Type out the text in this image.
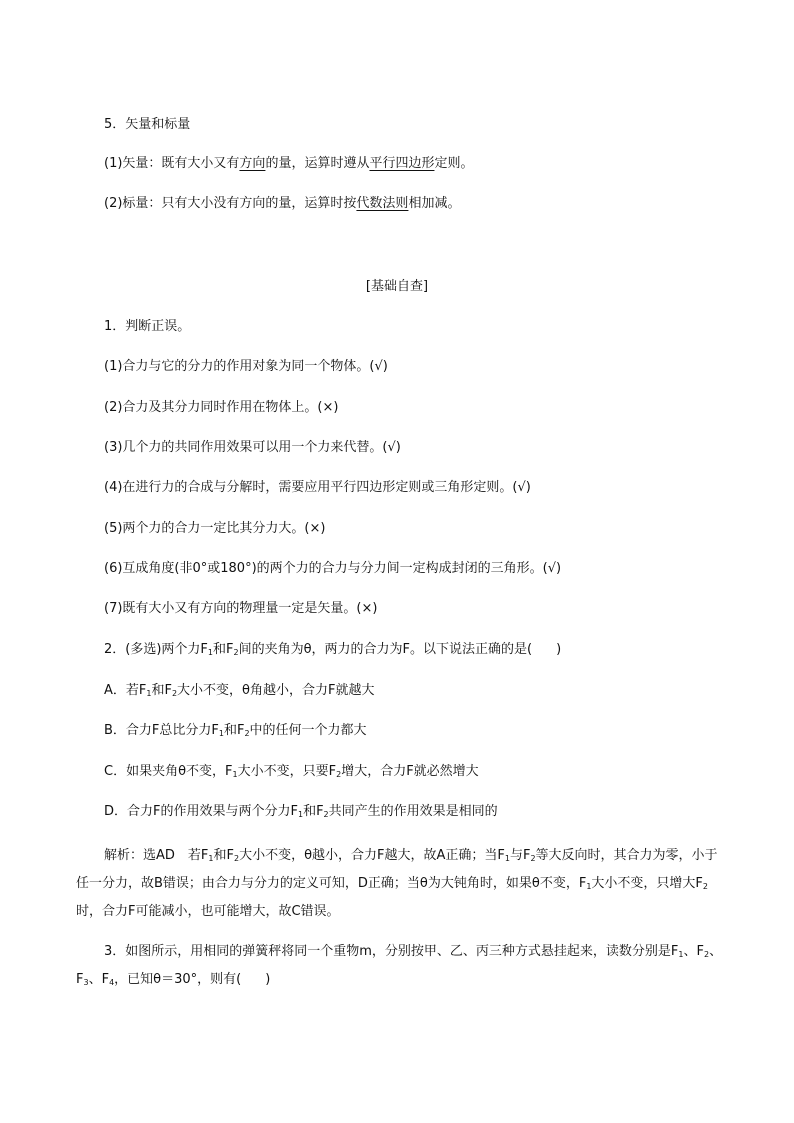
5．矢量和标量
(1)矢量：既有大小又有方向的量，运算时遵从平行四边形定则。
(2)标量：只有大小没有方向的量，运算时按代数法则相加减。
[基础自查]
1．判断正误。
(1)合力与它的分力的作用对象为同一个物体。(√)
(2)合力及其分力同时作用在物体上。(×)
(3)几个力的共同作用效果可以用一个力来代替。(√)
(4)在进行力的合成与分解时，需要应用平行四边形定则或三角形定则。(√)
(5)两个力的合力一定比其分力大。(×)
(6)互成角度(非0°或180°)的两个力的合力与分力间一定构成封闭的三角形。(√)
(7)既有大小又有方向的物理量一定是矢量。(×)
2．(多选)两个力$F_1$和$F_2$间的夹角为θ，两力的合力为F。以下说法正确的是( )
A．若$F_1$和$F_2$大小不变，θ角越小，合力F就越大
B．合力F总比分力$F_1$和$F_2$中的任何一个力都大
C．如果夹角θ不变，$F_1$大小不变，只要$F_2$增大，合力F就必然增大
D．合力F的作用效果与两个分力$F_1$和$F_2$共同产生的作用效果是相同的
解析：选AD　若$F_1$和$F_2$大小不变，θ越小，合力F越大，故A正确；当$F_1$与$F_2$等大反向时，其合力为零，小于任一分力，故B错误；由合力与分力的定义可知，D正确；当θ为大钝角时，如果θ不变，$F_1$大小不变，只增大$F_2$时，合力F可能减小，也可能增大，故C错误。
3．如图所示，用相同的弹簧秤将同一个重物m，分别按甲、乙、丙三种方式悬挂起来，读数分别是$F_1$、$F_2$、$F_3$、$F_4$，已知θ＝30°，则有( )
